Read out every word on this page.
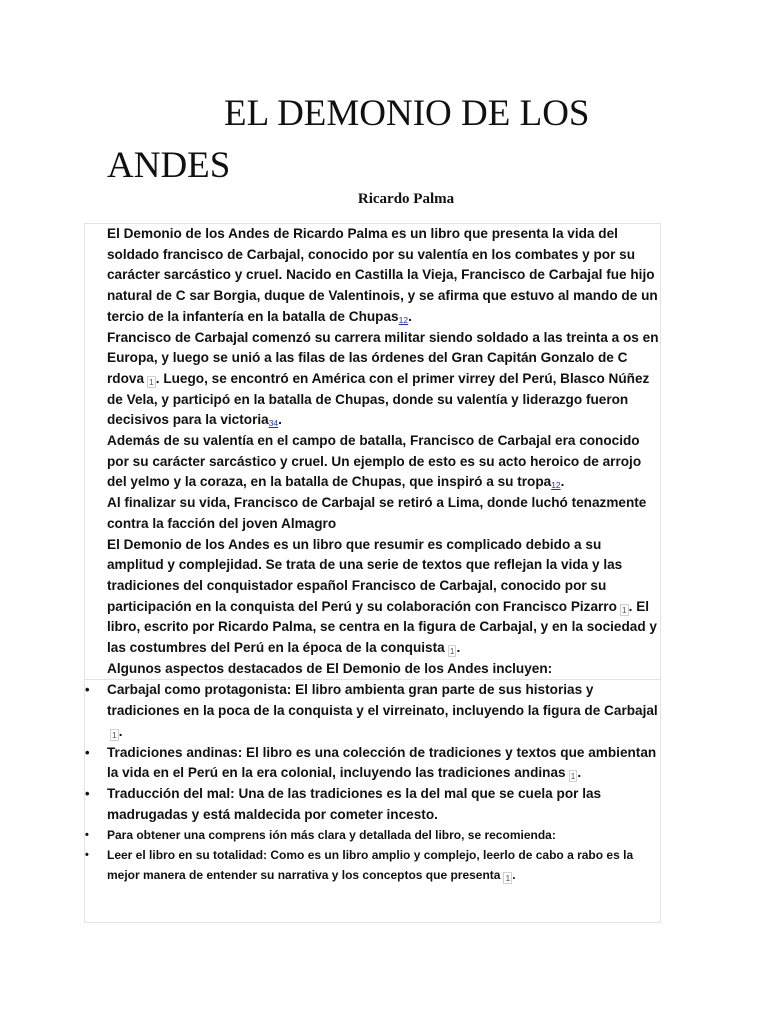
EL DEMONIO DE LOS ANDES
Ricardo Palma
El Demonio de los Andes de Ricardo Palma es un libro que presenta la vida del soldado francisco de Carbajal, conocido por su valentía en los combates y por su carácter sarcástico y cruel. Nacido en Castilla la Vieja, Francisco de Carbajal fue hijo natural de C sar Borgia, duque de Valentinois, y se afirma que estuvo al mando de un tercio de la infantería en la batalla de Chupas12.
Francisco de Carbajal comenzó su carrera militar siendo soldado a las treinta a os en Europa, y luego se unió a las filas de las órdenes del Gran Capitán Gonzalo de C rdova 1 . Luego, se encontró en América con el primer virrey del Perú, Blasco Núñez de Vela, y participó en la batalla de Chupas, donde su valentía y liderazgo fueron decisivos para la victoria34.
Además de su valentía en el campo de batalla, Francisco de Carbajal era conocido por su carácter sarcástico y cruel. Un ejemplo de esto es su acto heroico de arrojo del yelmo y la coraza, en la batalla de Chupas, que inspiró a su tropa12.
Al finalizar su vida, Francisco de Carbajal se retiró a Lima, donde luchó tenazmente contra la facción del joven Almagro
El Demonio de los Andes es un libro que resumir es complicado debido a su amplitud y complejidad. Se trata de una serie de textos que reflejan la vida y las tradiciones del conquistador español Francisco de Carbajal, conocido por su participación en la conquista del Perú y su colaboración con Francisco Pizarro 1 . El libro, escrito por Ricardo Palma, se centra en la figura de Carbajal, y en la sociedad y las costumbres del Perú en la época de la conquista 1 .
Algunos aspectos destacados de El Demonio de los Andes incluyen:
• Carbajal como protagonista: El libro ambienta gran parte de sus historias y tradiciones en la poca de la conquista y el virreinato, incluyendo la figura de Carbajal1 .
• Tradiciones andinas: El libro es una colección de tradiciones y textos que ambientan la vida en el Perú en la era colonial, incluyendo las tradiciones andinas 1 .
• Traducción del mal: Una de las tradiciones es la del mal que se cuela por las madrugadas y está maldecida por cometer incesto.
• Para obtener una comprens ión más clara y detallada del libro, se recomienda:
• Leer el libro en su totalidad: Como es un libro amplio y complejo, leerlo de cabo a rabo es la mejor manera de entender su narrativa y los conceptos que presenta 1 .
